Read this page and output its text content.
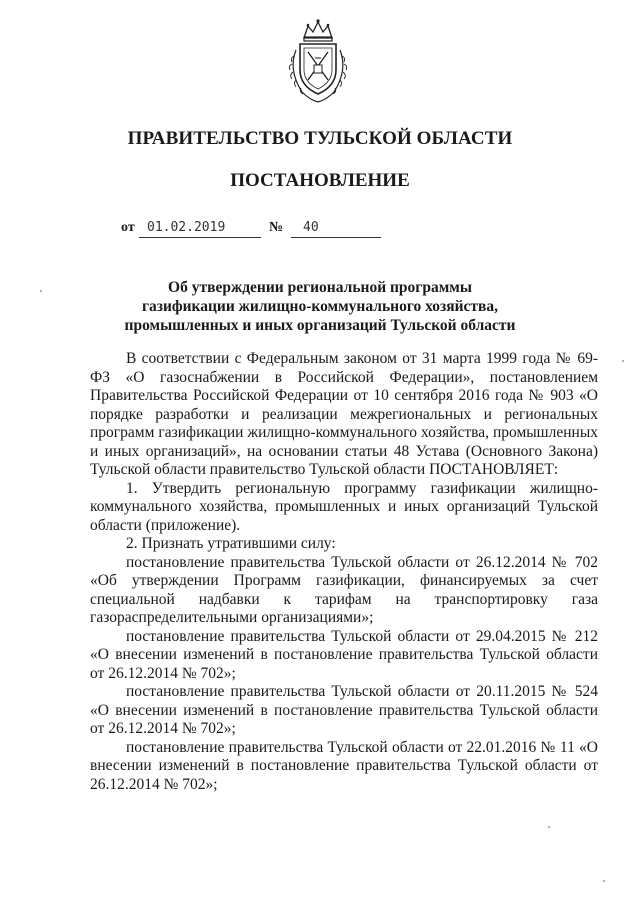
ПРАВИТЕЛЬСТВО ТУЛЬСКОЙ ОБЛАСТИ
ПОСТАНОВЛЕНИЕ
от 01.02.2019	№ 40
Об утверждении региональной программы
газификации жилищно-коммунального хозяйства,
промышленных и иных организаций Тульской области

В соответствии с Федеральным законом от 31 марта 1999 года № 69-ФЗ «О газоснабжении в Российской Федерации», постановлением Правительства Российской Федерации от 10 сентября 2016 года № 903 «О порядке разработки и реализации межрегиональных и региональных программ газификации жилищно-коммунального хозяйства, промышленных и иных организаций», на основании статьи 48 Устава (Основного Закона) Тульской области правительство Тульской области ПОСТАНОВЛЯЕТ:

1. Утвердить региональную программу газификации жилищно-коммунального хозяйства, промышленных и иных организаций Тульской области (приложение).

2. Признать утратившими силу:

постановление правительства Тульской области от 26.12.2014 № 702 «Об утверждении Программ газификации, финансируемых за счет специальной надбавки к тарифам на транспортировку газа газораспределительными организациями»;

постановление правительства Тульской области от 29.04.2015 № 212 «О внесении изменений в постановление правительства Тульской области от 26.12.2014 № 702»;

постановление правительства Тульской области от 20.11.2015 № 524 «О внесении изменений в постановление правительства Тульской области от 26.12.2014 № 702»;

постановление правительства Тульской области от 22.01.2016 № 11 «О внесении изменений в постановление правительства Тульской области от 26.12.2014 № 702»;
